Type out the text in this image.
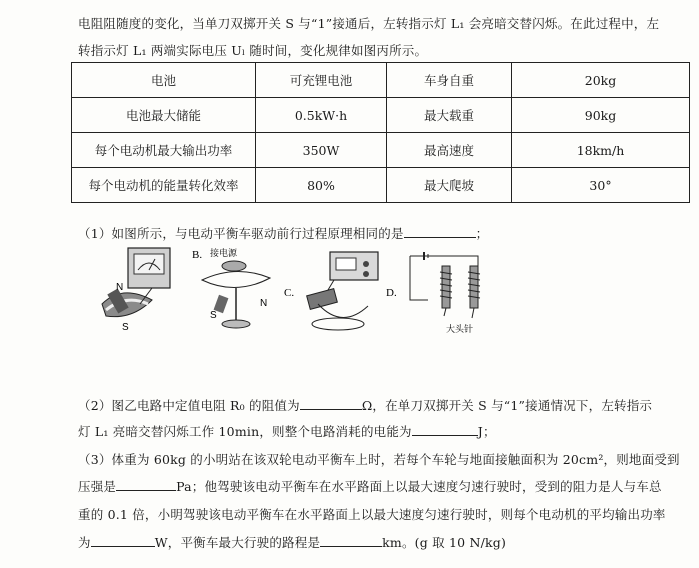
电阻阻随度的变化，当单刀双掷开关 S 与“1”接通后，左转指示灯 L₁ 会亮暗交替闪烁。在此过程中，左
转指示灯 L₁ 两端实际电压 Uₗ 随时间，变化规律如图丙所示。
电池	可充锂电池	车身自重	20kg
电池最大储能	0.5kW·h	最大载重	90kg
每个电动机最大输出功率	350W	最高速度	18km/h
每个电动机的能量转化效率	80%	最大爬坡	30°
（1）如图所示，与电动平衡车驱动前行过程原理相同的是	；
N
S
B. 接电源
S
N
C.	D.
大头针
（2）图乙电路中定值电阻 R₀ 的阻值为	Ω，在单刀双掷开关 S 与“1”接通情况下，左转指示
灯 L₁ 亮暗交替闪烁工作 10min，则整个电路消耗的电能为	J；
（3）体重为 60kg 的小明站在该双轮电动平衡车上时，若每个车轮与地面接触面积为 20cm²，则地面受到
压强是	Pa；他驾驶该电动平衡车在水平路面上以最大速度匀速行驶时，受到的阻力是人与车总
重的 0.1 倍，小明驾驶该电动平衡车在水平路面上以最大速度匀速行驶时，则每个电动机的平均输出功率
为	W，平衡车最大行驶的路程是	km。(g 取 10 N/kg)
